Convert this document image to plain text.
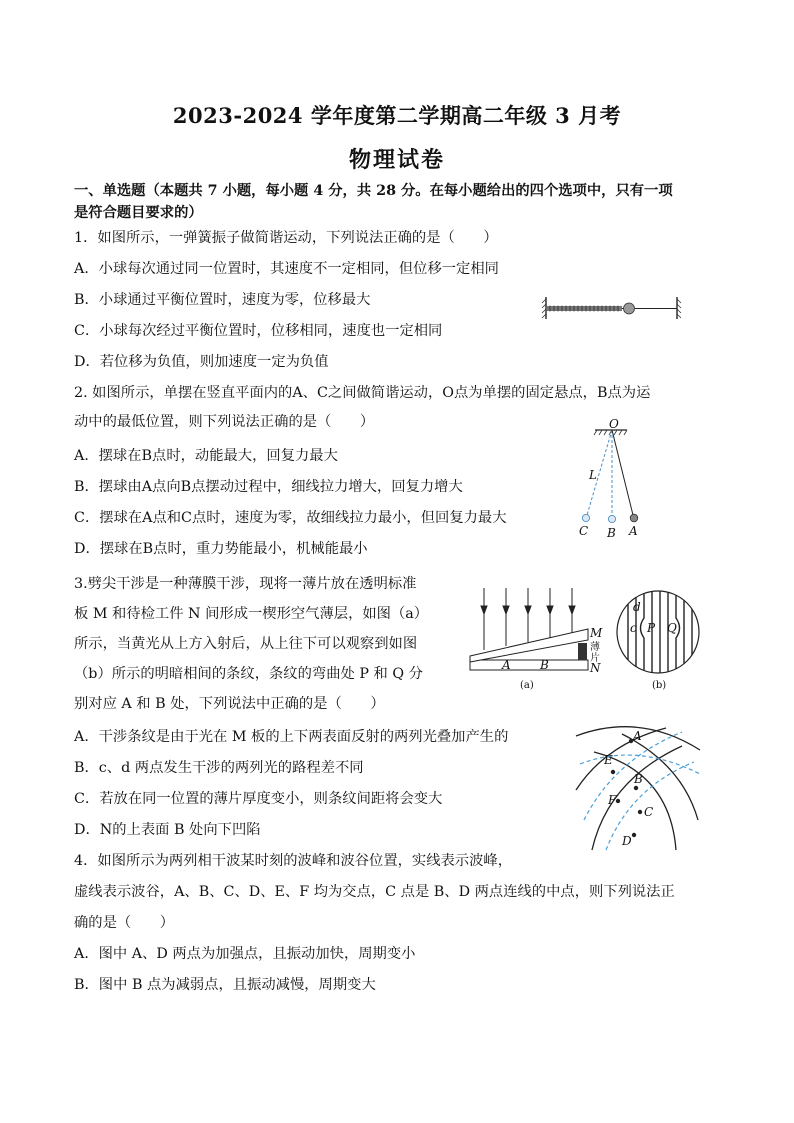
2023-2024 学年度第二学期高二年级 3 月考
物理试卷
一、单选题（本题共 7 小题，每小题 4 分，共 28 分。在每小题给出的四个选项中，只有一项
是符合题目要求的）
1．如图所示，一弹簧振子做简谐运动，下列说法正确的是（　　）
A．小球每次通过同一位置时，其速度不一定相同，但位移一定相同
B．小球通过平衡位置时，速度为零，位移最大
C．小球每次经过平衡位置时，位移相同，速度也一定相同
D．若位移为负值，则加速度一定为负值
2. 如图所示，单摆在竖直平面内的A、C之间做简谐运动，O点为单摆的固定悬点，B点为运
动中的最低位置，则下列说法正确的是（　　）
A．摆球在B点时，动能最大，回复力最大
B．摆球由A点向B点摆动过程中，细线拉力增大，回复力增大
C．摆球在A点和C点时，速度为零，故细线拉力最小，但回复力最大
D．摆球在B点时，重力势能最小，机械能最小
O
L
C B A
3.劈尖干涉是一种薄膜干涉，现将一薄片放在透明标准
板 M 和待检工件 N 间形成一楔形空气薄层，如图（a）
所示，当黄光从上方入射后，从上往下可以观察到如图
（b）所示的明暗相间的条纹，条纹的弯曲处 P 和 Q 分
别对应 A 和 B 处，下列说法中正确的是（　　）
A．干涉条纹是由于光在 M 板的上下两表面反射的两列光叠加产生的
B．c、d 两点发生干涉的两列光的路程差不同
C．若放在同一位置的薄片厚度变小，则条纹间距将会变大
D．N的上表面 B 处向下凹陷
M
薄
片
N
A B
(a)
d
c P Q
(b)
A
E
B
F
C
D
4．如图所示为两列相干波某时刻的波峰和波谷位置，实线表示波峰，
虚线表示波谷，A、B、C、D、E、F 均为交点，C 点是 B、D 两点连线的中点，则下列说法正
确的是（　　）
A．图中 A、D 两点为加强点，且振动加快，周期变小
B．图中 B 点为减弱点，且振动减慢，周期变大
